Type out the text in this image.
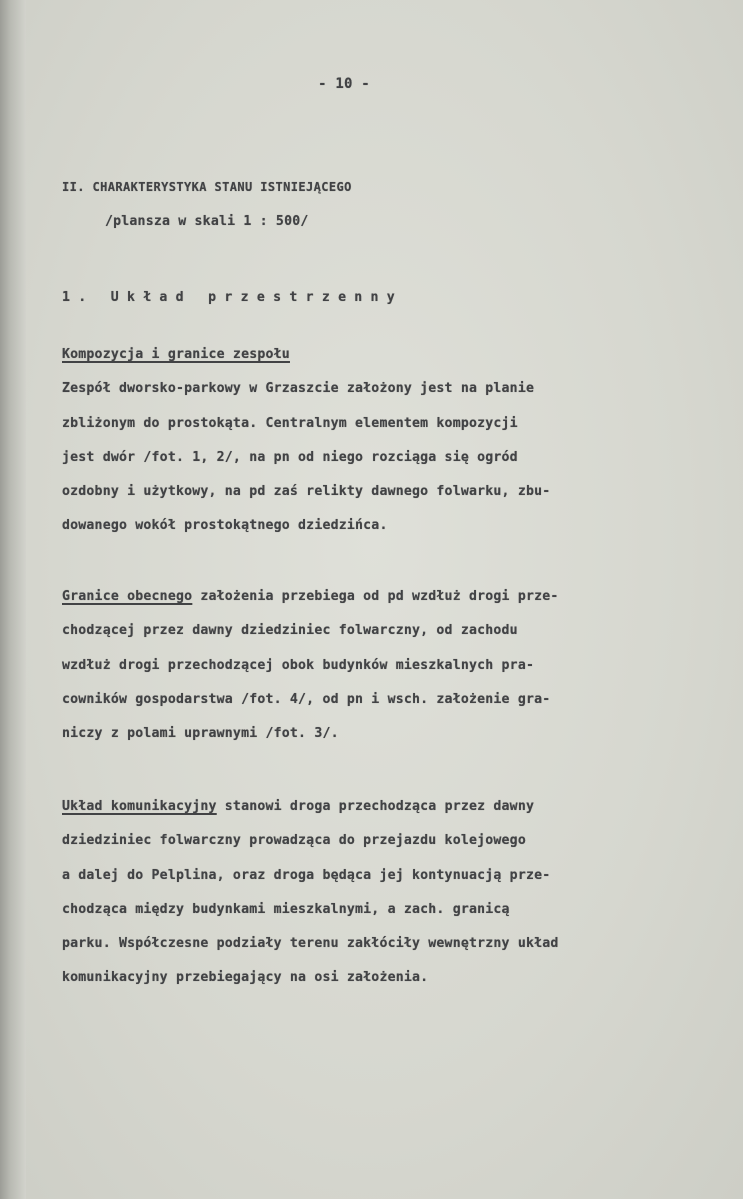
- 10 -
II. CHARAKTERYSTYKA STANU ISTNIEJĄCEGO
/plansza w skali 1 : 500/
1. Układ przestrzenny

Kompozycja i granice zespołu

Zespół dworsko-parkowy w Grzaszcie założony jest na planie

zbliżonym do prostokąta. Centralnym elementem kompozycji

jest dwór /fot. 1, 2/, na pn od niego rozciąga się ogród

ozdobny i użytkowy, na pd zaś relikty dawnego folwarku, zbu-

dowanego wokół prostokątnego dziedzińca.

Granice obecnego założenia przebiega od pd wzdłuż drogi prze-

chodzącej przez dawny dziedziniec folwarczny, od zachodu

wzdłuż drogi przechodzącej obok budynków mieszkalnych pra-

cowników gospodarstwa /fot. 4/, od pn i wsch. założenie gra-

niczy z polami uprawnymi /fot. 3/.

Układ komunikacyjny stanowi droga przechodząca przez dawny

dziedziniec folwarczny prowadząca do przejazdu kolejowego

a dalej do Pelplina, oraz droga będąca jej kontynuacją prze-

chodząca między budynkami mieszkalnymi, a zach. granicą

parku. Współczesne podziały terenu zakłóciły wewnętrzny układ

komunikacyjny przebiegający na osi założenia.
